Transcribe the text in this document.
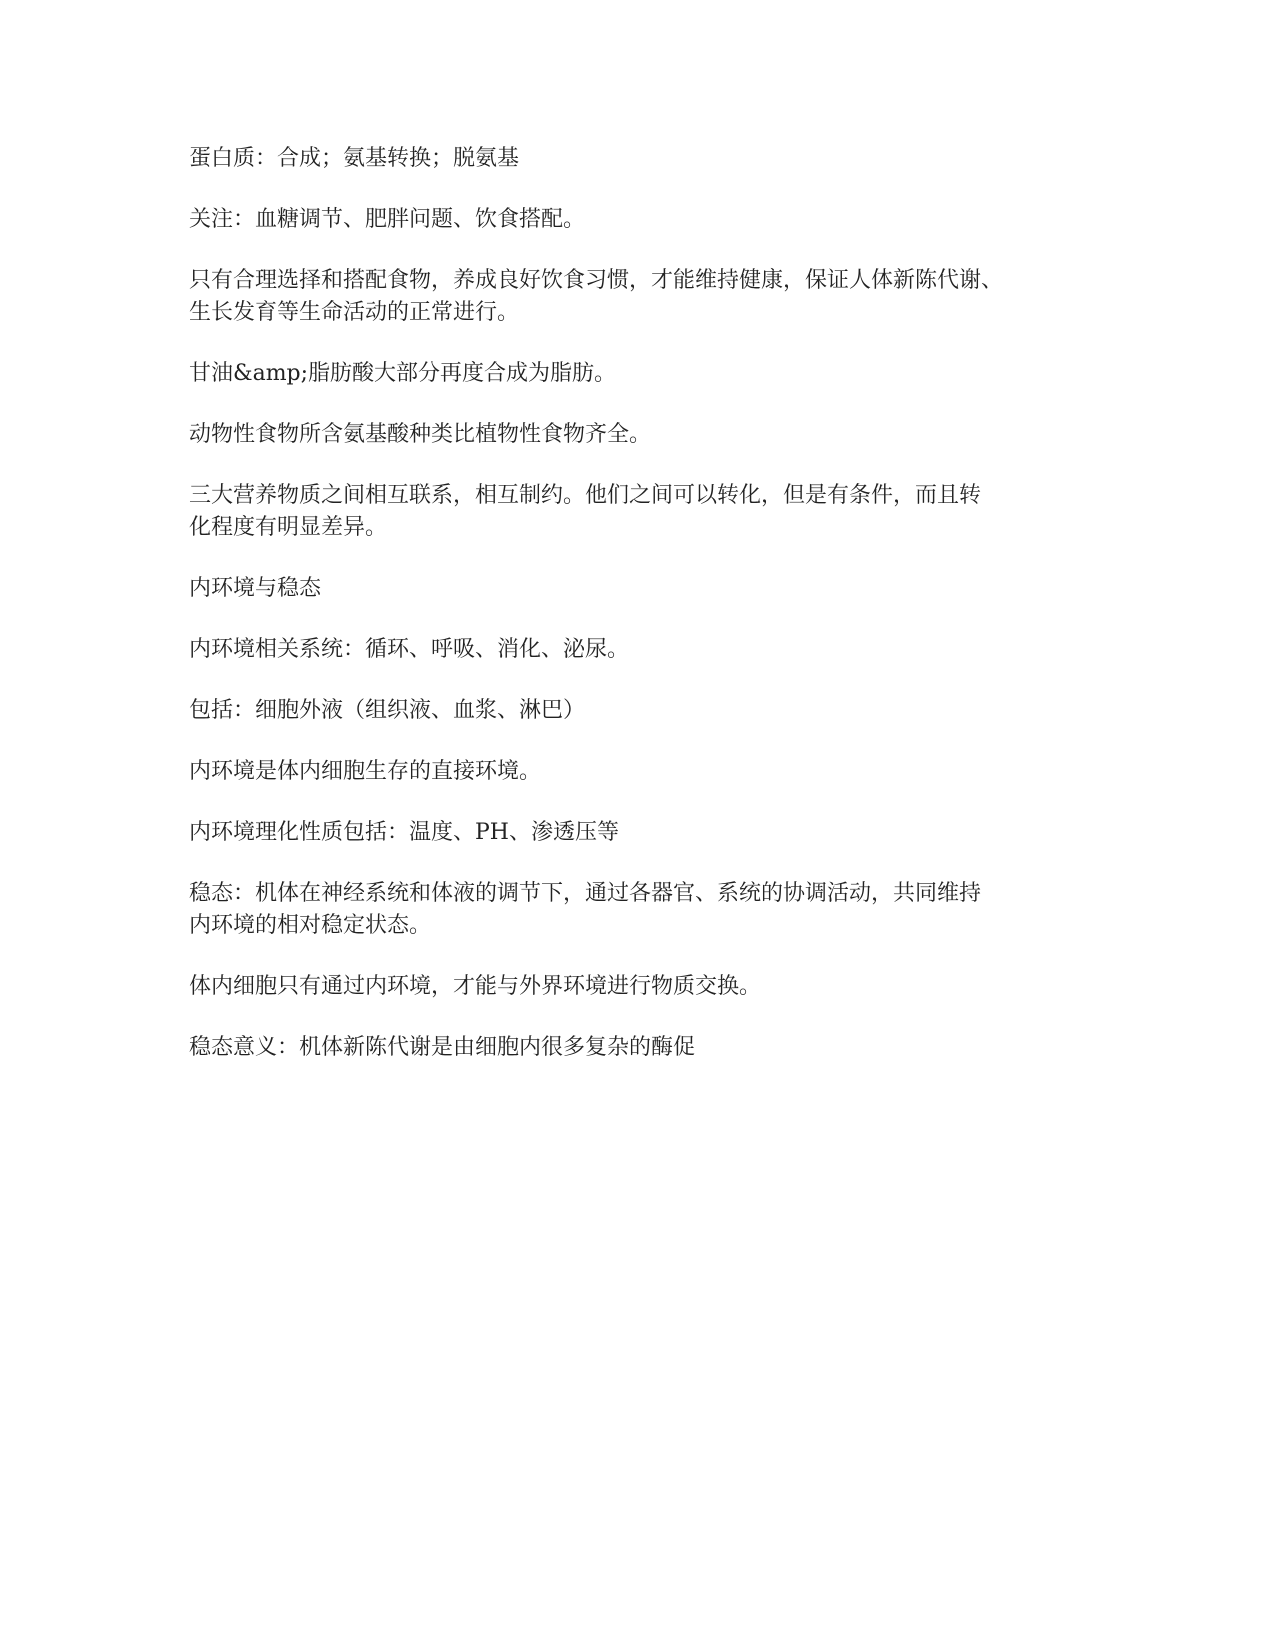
蛋白质：合成；氨基转换；脱氨基

关注：血糖调节、肥胖问题、饮食搭配。

只有合理选择和搭配食物，养成良好饮食习惯，才能维持健康，保证人体新陈代谢、
生长发育等生命活动的正常进行。

甘油&amp;脂肪酸大部分再度合成为脂肪。

动物性食物所含氨基酸种类比植物性食物齐全。

三大营养物质之间相互联系，相互制约。他们之间可以转化，但是有条件，而且转
化程度有明显差异。

内环境与稳态

内环境相关系统：循环、呼吸、消化、泌尿。

包括：细胞外液（组织液、血浆、淋巴）

内环境是体内细胞生存的直接环境。

内环境理化性质包括：温度、PH、渗透压等

稳态：机体在神经系统和体液的调节下，通过各器官、系统的协调活动，共同维持
内环境的相对稳定状态。

体内细胞只有通过内环境，才能与外界环境进行物质交换。

稳态意义：机体新陈代谢是由细胞内很多复杂的酶促
